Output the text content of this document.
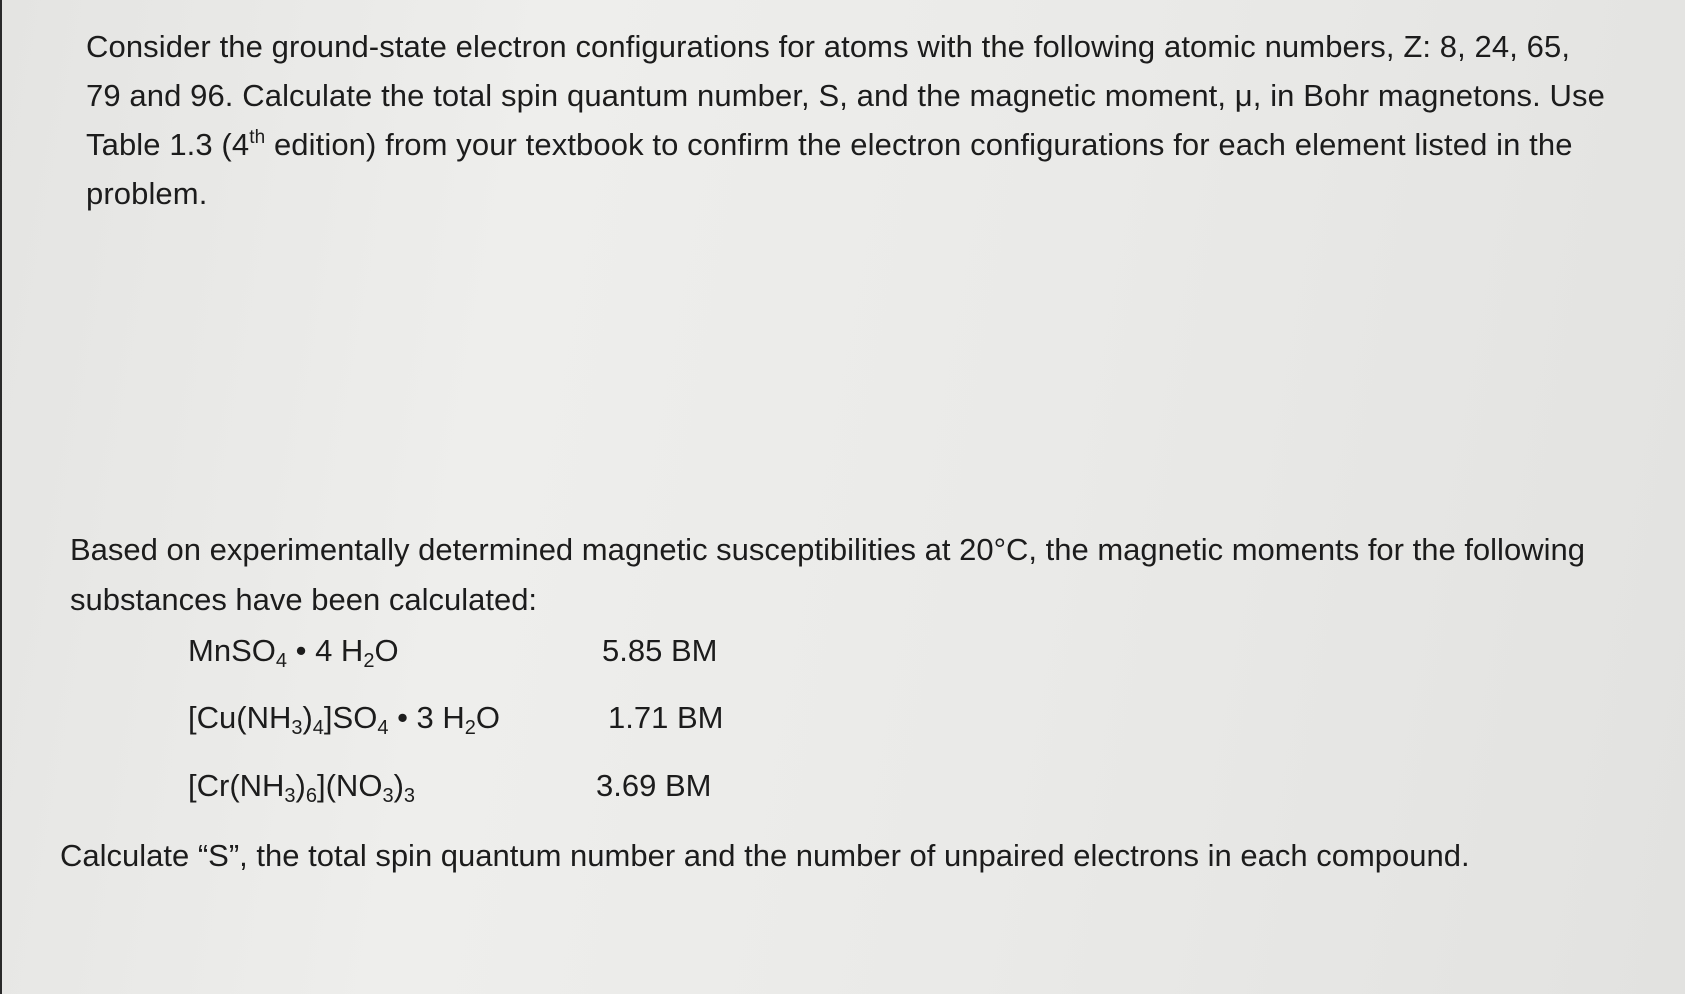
Consider the ground-state electron configurations for atoms with the following atomic numbers, Z: 8, 24, 65, 79 and 96. Calculate the total spin quantum number, S, and the magnetic moment, μ, in Bohr magnetons. Use Table 1.3 (4th edition) from your textbook to confirm the electron configurations for each element listed in the problem.
Based on experimentally determined magnetic susceptibilities at 20°C, the magnetic moments for the following substances have been calculated:
MnSO$_4$ • 4 $H_2O$	5.85 BM
$[Cu(NH_3)_4]SO_4$ • 3 $H_2O$	1.71 BM
$[Cr(NH_3)_6](NO_3)_3$	3.69 BM
Calculate “S”, the total spin quantum number and the number of unpaired electrons in each compound.
